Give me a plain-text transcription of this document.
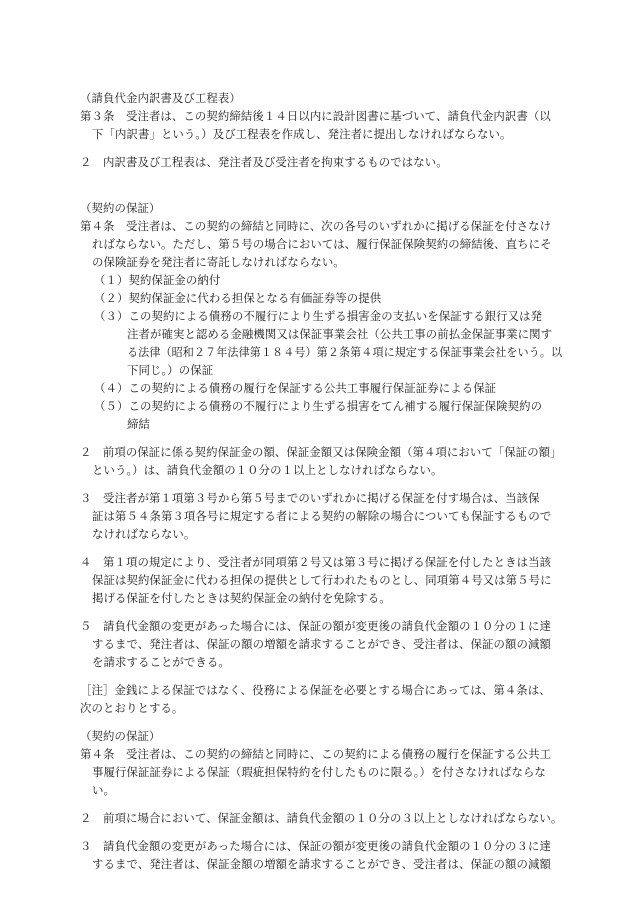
（請負代金内訳書及び工程表）
第３条　受注者は、この契約締結後１４日以内に設計図書に基づいて、請負代金内訳書（以
下「内訳書」という。）及び工程表を作成し、発注者に提出しなければならない。
２　内訳書及び工程表は、発注者及び受注者を拘束するものではない。
（契約の保証）
第４条　受注者は、この契約の締結と同時に、次の各号のいずれかに掲げる保証を付さなけ
ればならない。ただし、第５号の場合においては、履行保証保険契約の締結後、直ちにそ
の保険証券を発注者に寄託しなければならない。
（１）契約保証金の納付
（２）契約保証金に代わる担保となる有価証券等の提供
（３）この契約による債務の不履行により生ずる損害金の支払いを保証する銀行又は発
注者が確実と認める金融機関又は保証事業会社（公共工事の前払金保証事業に関す
る法律（昭和２７年法律第１８４号）第２条第４項に規定する保証事業会社をいう。以
下同じ。）の保証
（４）この契約による債務の履行を保証する公共工事履行保証証券による保証
（５）この契約による債務の不履行により生ずる損害をてん補する履行保証保険契約の
締結
２　前項の保証に係る契約保証金の額、保証金額又は保険金額（第４項において「保証の額」
という。）は、請負代金額の１０分の１以上としなければならない。
３　受注者が第１項第３号から第５号までのいずれかに掲げる保証を付す場合は、当該保
証は第５４条第３項各号に規定する者による契約の解除の場合についても保証するもので
なければならない。
４　第１項の規定により、受注者が同項第２号又は第３号に掲げる保証を付したときは当該
保証は契約保証金に代わる担保の提供として行われたものとし、同項第４号又は第５号に
掲げる保証を付したときは契約保証金の納付を免除する。
５　請負代金額の変更があった場合には、保証の額が変更後の請負代金額の１０分の１に達
するまで、発注者は、保証の額の増額を請求することができ、受注者は、保証の額の減額
を請求することができる。
［注］金銭による保証ではなく、役務による保証を必要とする場合にあっては、第４条は、
次のとおりとする。
（契約の保証）
第４条　受注者は、この契約の締結と同時に、この契約による債務の履行を保証する公共工
事履行保証証券による保証（瑕疵担保特約を付したものに限る。）を付さなければならな
い。
２　前項に場合において、保証金額は、請負代金額の１０分の３以上としなければならない。
３　請負代金額の変更があった場合には、保証の額が変更後の請負代金額の１０分の３に達
するまで、発注者は、保証金額の増額を請求することができ、受注者は、保証の額の減額
